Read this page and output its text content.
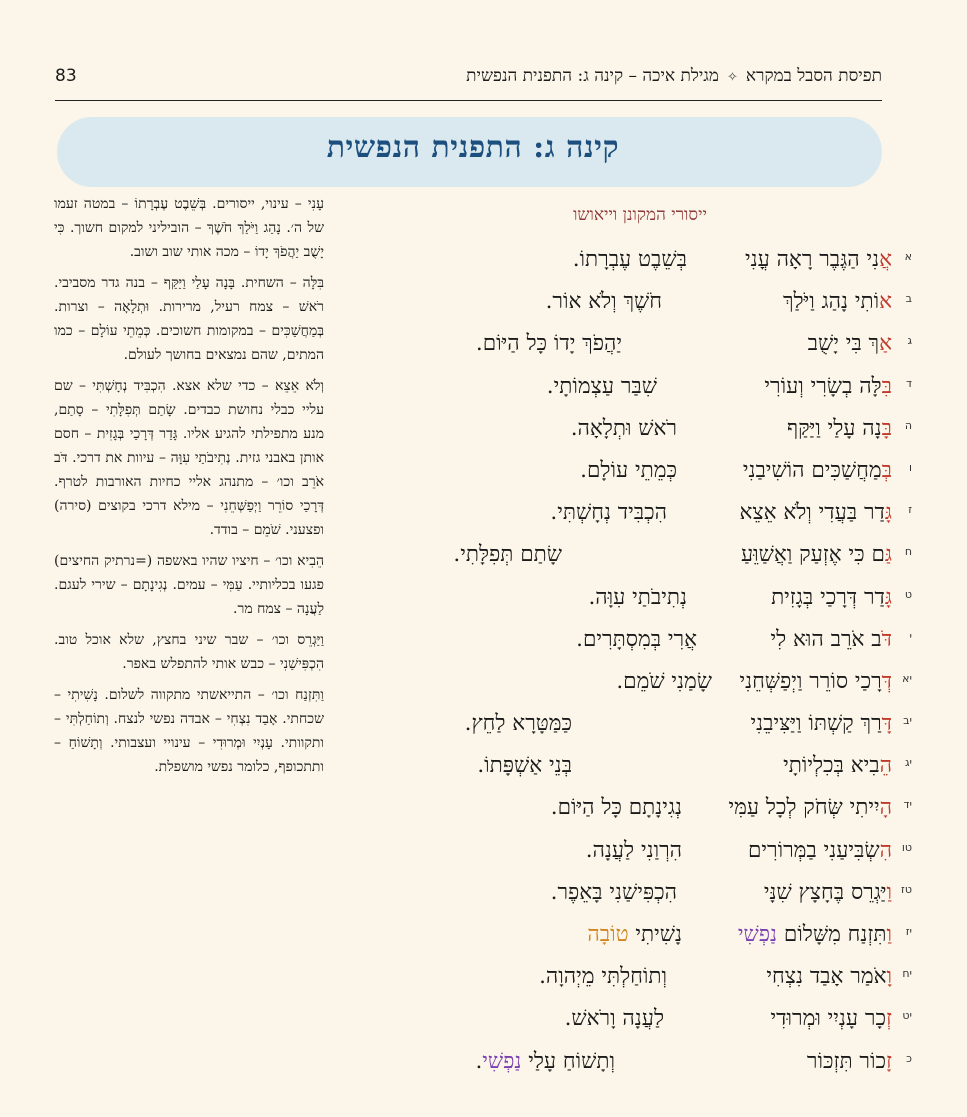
83	תפיסת הסבל במקרא✧מגילת איכה – קינה ג: התפנית הנפשית
קינה ג: התפנית הנפשית
ייסורי המקונן וייאושו
א
אֲנִי הַגֶּבֶר רָאָה עֳנִי
בְּשֵׁבֶט עֶבְרָתוֹ.
ב
אוֹתִי נָהַג וַיֹּלַךְ
חֹשֶׁךְ וְלֹא אוֹר.
ג
אַךְ בִּי יָשֻׁב
יַהֲפֹךְ יָדוֹ כָּל הַיּוֹם.
ד
בִּלָּה בְשָׂרִי וְעוֹרִי
שִׁבַּר עַצְמוֹתָי.
ה
בָּנָה עָלַי וַיַּקַּף
רֹאשׁ וּתְלָאָה.
ו
בְּמַחֲשַׁכִּים הוֹשִׁיבַנִי
כְּמֵתֵי עוֹלָם.
ז
גָּדַר בַּעֲדִי וְלֹא אֵצֵא
הִכְבִּיד נְחָשְׁתִּי.
ח
גַּם כִּי אֶזְעַק וַאֲשַׁוֵּעַ
שָׂתַם תְּפִלָּתִי.
ט
גָּדַר דְּרָכַי בְּגָזִית
נְתִיבֹתַי עִוָּה.
י
דֹּב אֹרֵב הוּא לִי
אֲרִי בְּמִסְתָּרִים.
יא
דְּרָכַי סוֹרֵר וַיְפַשְּׁחֵנִי
שָׂמַנִי שֹׁמֵם.
יב
דָּרַךְ קַשְׁתּוֹ וַיַּצִּיבֵנִי
כַּמַּטָּרָא לַחֵץ.
יג
הֵבִיא בְּכִלְיוֹתָי
בְּנֵי אַשְׁפָּתוֹ.
יד
הָיִיתִי שְּׂחֹק לְכָל עַמִּי
נְגִינָתָם כָּל הַיּוֹם.
טו
הִשְׂבִּיעַנִי בַמְּרוֹרִים
הִרְוַנִי לַעֲנָה.
טז
וַיַּגְרֵס בֶּחָצָץ שִׁנָּי
הִכְפִּישַׁנִי בָּאֵפֶר.
יז
וַתִּזְנַח מִשָּׁלוֹם נַפְשִׁי
נָשִׁיתִי טוֹבָה
יח
וָאֹמַר אָבַד נִצְחִי
וְתוֹחַלְתִּי מֵיְהוָה.
יט
זְכָר עָנְיִי וּמְרוּדִי
לַעֲנָה וָרֹאשׁ.
כ
זָכוֹר תִּזְכּוֹר
וְתָשׁוֹחַ עָלַי נַפְשִׁי.
עָנִי – עינוי, ייסורים. בְּשֵׁבֶט עֶבְרָתוֹ – במטה זעמו של ה׳. נָהַג וַיֹּלַךְ חֹשֶׁךְ – הוביליני למקום חשוך. כִּי יָשֻׁב יַהֲפֹךְ יָדוֹ – מכה אותי שוב ושוב.
בִּלָּה – השחית. בָּנָה עָלַי וַיַּקַּף – בנה גדר מסביבי. רֹאשׁ – צמח רעיל, מרירות. וּתְלָאָה – וצרות. בְּמַחֲשַׁכִּים – במקומות חשוכים. כְּמֵתֵי עוֹלָם – כמו המתים, שהם נמצאים בחושך לעולם.
וְלֹא אֵצֵא – כדי שלא אצא. הִכְבִּיד נְחָשְׁתִּי – שם עליי כבלי נחושת כבדים. שָׂתַם תְּפִלָּתִי – סָתַם, מנע מתפילתי להגיע אליו. גָּדַר דְּרָכַי בְּגָזִית – חסם אותן באבני גזית. נְתִיבֹתַי עִוָּה – עיוות את דרכי. דֹּב אֹרֵב וכו׳ – מתנהג אליי כחיות האורבות לטרף. דְּרָכַי סוֹרֵר וַיְפַשְּׁחֵנִי – מילא דרכי בקוצים (סירה) ופצעני. שֹׁמֵם – בודד.
הֵבִיא וכו׳ – חיציו שהיו באשפה (=נרתיק החיצים) פגעו בכליותיי. עַמִּי – עמים. נְגִינָתָם – שירי לעגם. לַעֲנָה – צמח מר.
וַיַּגְרֵס וכו׳ – שבר שיני בחצץ, שלא אוכל טוב. הִכְפִּישַׁנִי – כבש אותי להתפלש באפר.
וַתִּזְנַח וכו׳ – התייאשתי מתקווה לשלום. נָשִׁיתִי – שכחתי. אָבַד נִצְחִי – אבדה נפשי לנצח. וְתוֹחַלְתִּי – ותקוותי. עָנְיִי וּמְרוּדִי – עינויי ועצבותי. וְתָשׁוֹחַ – ותתכופף, כלומר נפשי מושפלת.
